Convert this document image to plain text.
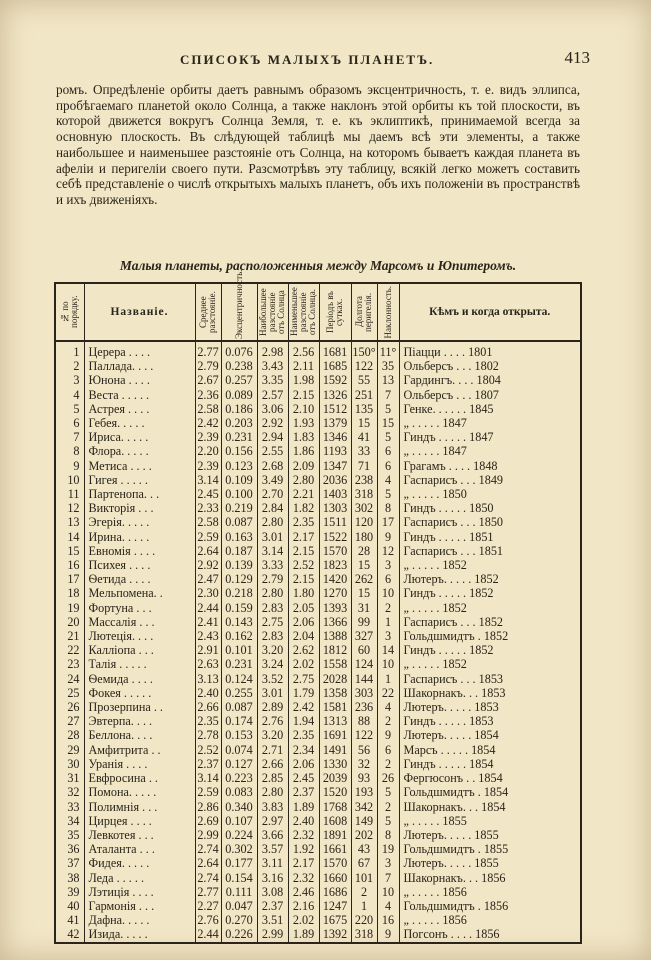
СПИСОКЪ МАЛЫХЪ ПЛАНЕТЪ.	413

ромъ. Опредѣленіе орбиты даетъ равнымъ образомъ эксцентричность, т. е. видъ эллипса, пробѣгаемаго планетой около Солнца, а также наклонъ этой орбиты къ той плоскости, въ которой движется вокругъ Солнца Земля, т. е. къ эклиптикѣ, принимаемой всегда за основную плоскость. Въ слѣдующей таблицѣ мы даемъ всѣ эти элементы, а также наибольшее и наименьшее разстояніе отъ Солнца, на которомъ бываетъ каждая планета въ афеліи и перигеліи своего пути. Разсмотрѣвъ эту таблицу, всякій легко можетъ составить себѣ представленіе о числѣ открытыхъ малыхъ планетъ, объ ихъ положеніи въ пространствѣ и ихъ движеніяхъ.

Малыя планеты, расположенныя между Марсомъ и Юпитеромъ.
№ по порядку.	Названіе.	Среднее разстояніе.	Эксцентричность.	Наибольшее разстояніе отъ Солнца	Наименьшее разстояніе отъ Солнца.	Періодъ въ сутках.	Долгота перигелія.	Наклонность.	Кѣмъ и когда открыта.
1	Церера . . . .	2.77	0.076	2.98	2.56	1681	150°	11°	Піацци . . . . 1801
2	Паллада. . . .	2.79	0.238	3.43	2.11	1685	122	35	Ольберсъ . . . 1802
3	Юнона . . . .	2.67	0.257	3.35	1.98	1592	55	13	Гардингъ. . . . 1804
4	Веста . . . . .	2.36	0.089	2.57	2.15	1326	251	7	Ольберсъ . . . 1807
5	Астрея . . . .	2.58	0.186	3.06	2.10	1512	135	5	Генке. . . . . . 1845
6	Гебея. . . . .	2.42	0.203	2.92	1.93	1379	15	15	„ . . . . . 1847
7	Ириса. . . . .	2.39	0.231	2.94	1.83	1346	41	5	Гиндъ . . . . . 1847
8	Флора. . . . .	2.20	0.156	2.55	1.86	1193	33	6	„ . . . . . 1847
9	Метиса . . . .	2.39	0.123	2.68	2.09	1347	71	6	Грагамъ . . . . 1848
10	Гигея . . . . .	3.14	0.109	3.49	2.80	2036	238	4	Гаспарисъ . . . 1849
11	Партенопа. . .	2.45	0.100	2.70	2.21	1403	318	5	„ . . . . . 1850
12	Викторія . . .	2.33	0.219	2.84	1.82	1303	302	8	Гиндъ . . . . . 1850
13	Эгерія. . . . .	2.58	0.087	2.80	2.35	1511	120	17	Гаспарисъ . . . 1850
14	Ирина. . . . .	2.59	0.163	3.01	2.17	1522	180	9	Гиндъ . . . . . 1851
15	Евномія . . . .	2.64	0.187	3.14	2.15	1570	28	12	Гаспарисъ . . . 1851
16	Психея . . . .	2.92	0.139	3.33	2.52	1823	15	3	„ . . . . . 1852
17	Ѳетида . . . .	2.47	0.129	2.79	2.15	1420	262	6	Лютеръ. . . . . 1852
18	Мельпомена. .	2.30	0.218	2.80	1.80	1270	15	10	Гиндъ . . . . . 1852
19	Фортуна . . .	2.44	0.159	2.83	2.05	1393	31	2	„ . . . . . 1852
20	Массалія . . .	2.41	0.143	2.75	2.06	1366	99	1	Гаспарисъ . . . 1852
21	Лютеція. . . .	2.43	0.162	2.83	2.04	1388	327	3	Гольдшмидтъ . 1852
22	Калліопа . . .	2.91	0.101	3.20	2.62	1812	60	14	Гиндъ . . . . . 1852
23	Талія . . . . .	2.63	0.231	3.24	2.02	1558	124	10	„ . . . . . 1852
24	Ѳемида . . . .	3.13	0.124	3.52	2.75	2028	144	1	Гаспарисъ . . . 1853
25	Фокея . . . . .	2.40	0.255	3.01	1.79	1358	303	22	Шакорнакъ. . . 1853
26	Прозерпина . .	2.66	0.087	2.89	2.42	1581	236	4	Лютеръ. . . . . 1853
27	Эвтерпа. . . .	2.35	0.174	2.76	1.94	1313	88	2	Гиндъ . . . . . 1853
28	Беллона. . . .	2.78	0.153	3.20	2.35	1691	122	9	Лютеръ. . . . . 1854
29	Амфитрита . .	2.52	0.074	2.71	2.34	1491	56	6	Марсъ . . . . . 1854
30	Уранія . . . .	2.37	0.127	2.66	2.06	1330	32	2	Гиндъ . . . . . 1854
31	Евфросина . .	3.14	0.223	2.85	2.45	2039	93	26	Фергюсонъ . . 1854
32	Помона. . . . .	2.59	0.083	2.80	2.37	1520	193	5	Гольдшмидтъ . 1854
33	Полимнія . . .	2.86	0.340	3.83	1.89	1768	342	2	Шакорнакъ. . . 1854
34	Цирцея . . . .	2.69	0.107	2.97	2.40	1608	149	5	„ . . . . . 1855
35	Левкотея . . .	2.99	0.224	3.66	2.32	1891	202	8	Лютеръ. . . . . 1855
36	Аталанта . . .	2.74	0.302	3.57	1.92	1661	43	19	Гольдшмидтъ . 1855
37	Фидея. . . . .	2.64	0.177	3.11	2.17	1570	67	3	Лютеръ. . . . . 1855
38	Леда . . . . .	2.74	0.154	3.16	2.32	1660	101	7	Шакорнакъ. . . 1856
39	Лэтиція . . . .	2.77	0.111	3.08	2.46	1686	2	10	„ . . . . . 1856
40	Гармонія . . .	2.27	0.047	2.37	2.16	1247	1	4	Гольдшмидтъ . 1856
41	Дафна. . . . .	2.76	0.270	3.51	2.02	1675	220	16	„ . . . . . 1856
42	Изида. . . . .	2.44	0.226	2.99	1.89	1392	318	9	Погсонъ . . . . 1856
